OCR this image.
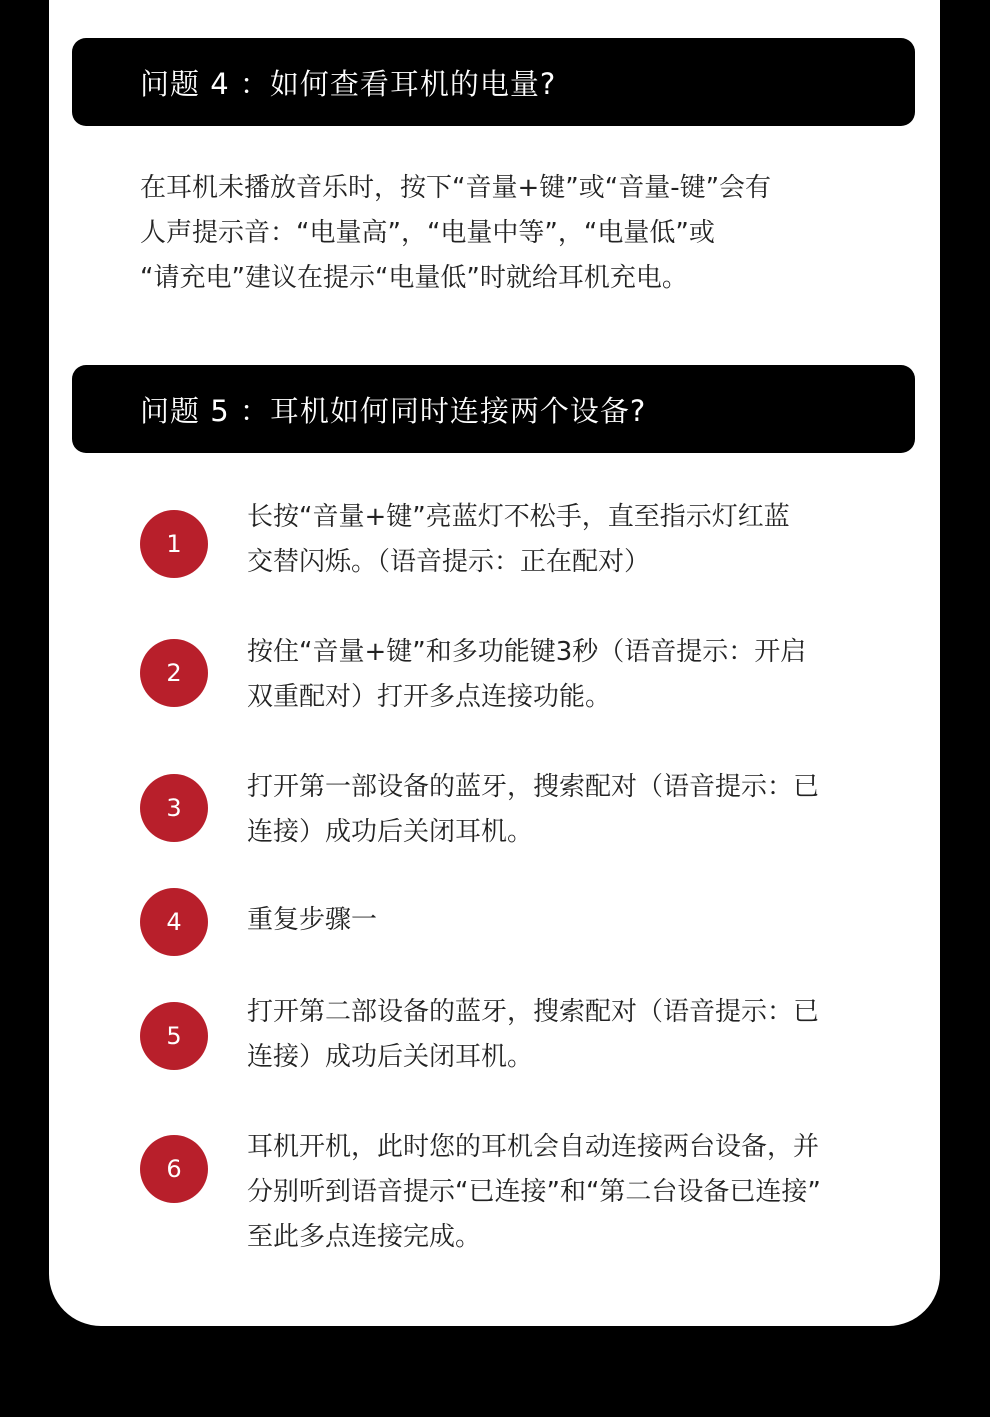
问题 4 ：如何查看耳机的电量?
在耳机未播放音乐时，按下“音量+键”或“音量-键”会有
人声提示音：“电量高”，“电量中等”，“电量低”或
“请充电”建议在提示“电量低”时就给耳机充电。
问题 5 ：耳机如何同时连接两个设备?
1
长按“音量+键”亮蓝灯不松手，直至指示灯红蓝
交替闪烁。（语音提示：正在配对）
2
按住“音量+键”和多功能键3秒（语音提示：开启
双重配对）打开多点连接功能。
3
打开第一部设备的蓝牙，搜索配对（语音提示：已
连接）成功后关闭耳机。
4	重复步骤一
5
打开第二部设备的蓝牙，搜索配对（语音提示：已
连接）成功后关闭耳机。
6
耳机开机，此时您的耳机会自动连接两台设备，并
分别听到语音提示“已连接”和“第二台设备已连接”
至此多点连接完成。
